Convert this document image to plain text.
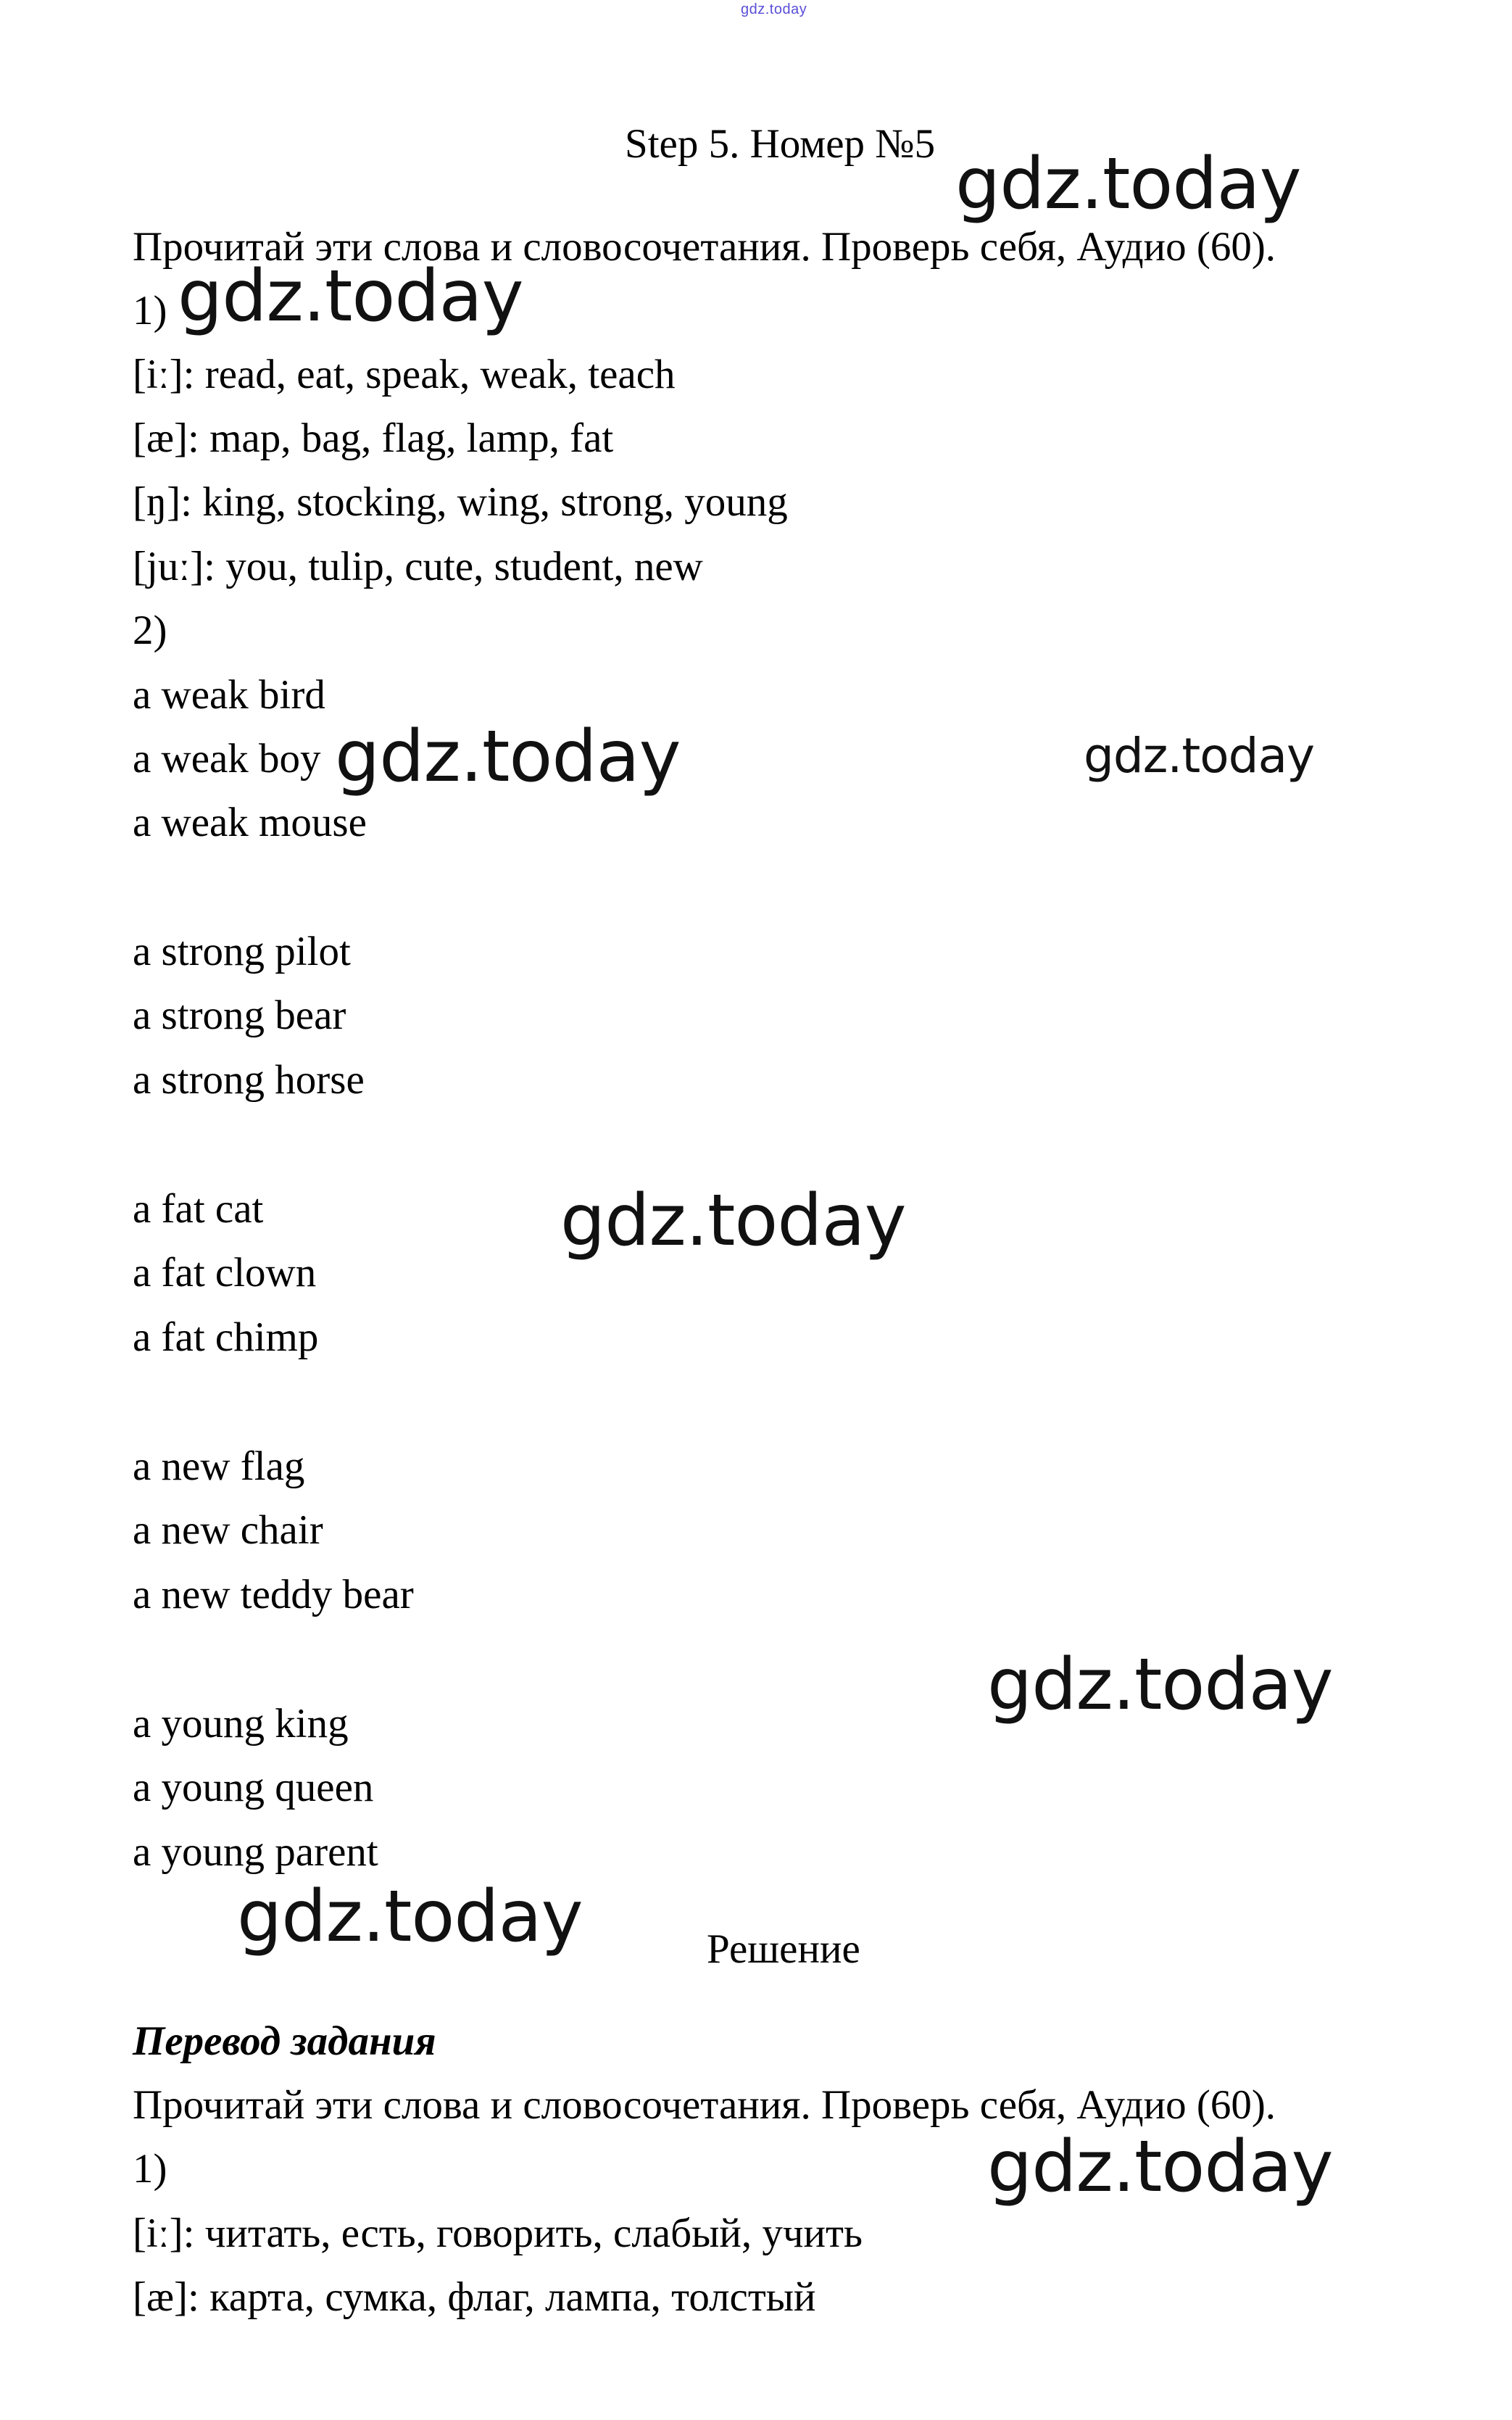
gdz.today
Step 5. Номер №5
Прочитай эти слова и словосочетания. Проверь себя, Аудио (60).
1)
[iː]: read, eat, speak, weak, teach
[æ]: map, bag, flag, lamp, fat
[ŋ]: king, stocking, wing, strong, young
[juː]: you, tulip, cute, student, new
2)
a weak bird
a weak boy
a weak mouse
a strong pilot
a strong bear
a strong horse
a fat cat
a fat clown
a fat chimp
a new flag
a new chair
a new teddy bear
a young king
a young queen
a young parent
Решение
Перевод задания
Прочитай эти слова и словосочетания. Проверь себя, Аудио (60).
1)
[iː]: читать, есть, говорить, слабый, учить
[æ]: карта, сумка, флаг, лампа, толстый
gdz.today
gdz.today
gdz.today	gdz.today
gdz.today
gdz.today
gdz.today
gdz.today
